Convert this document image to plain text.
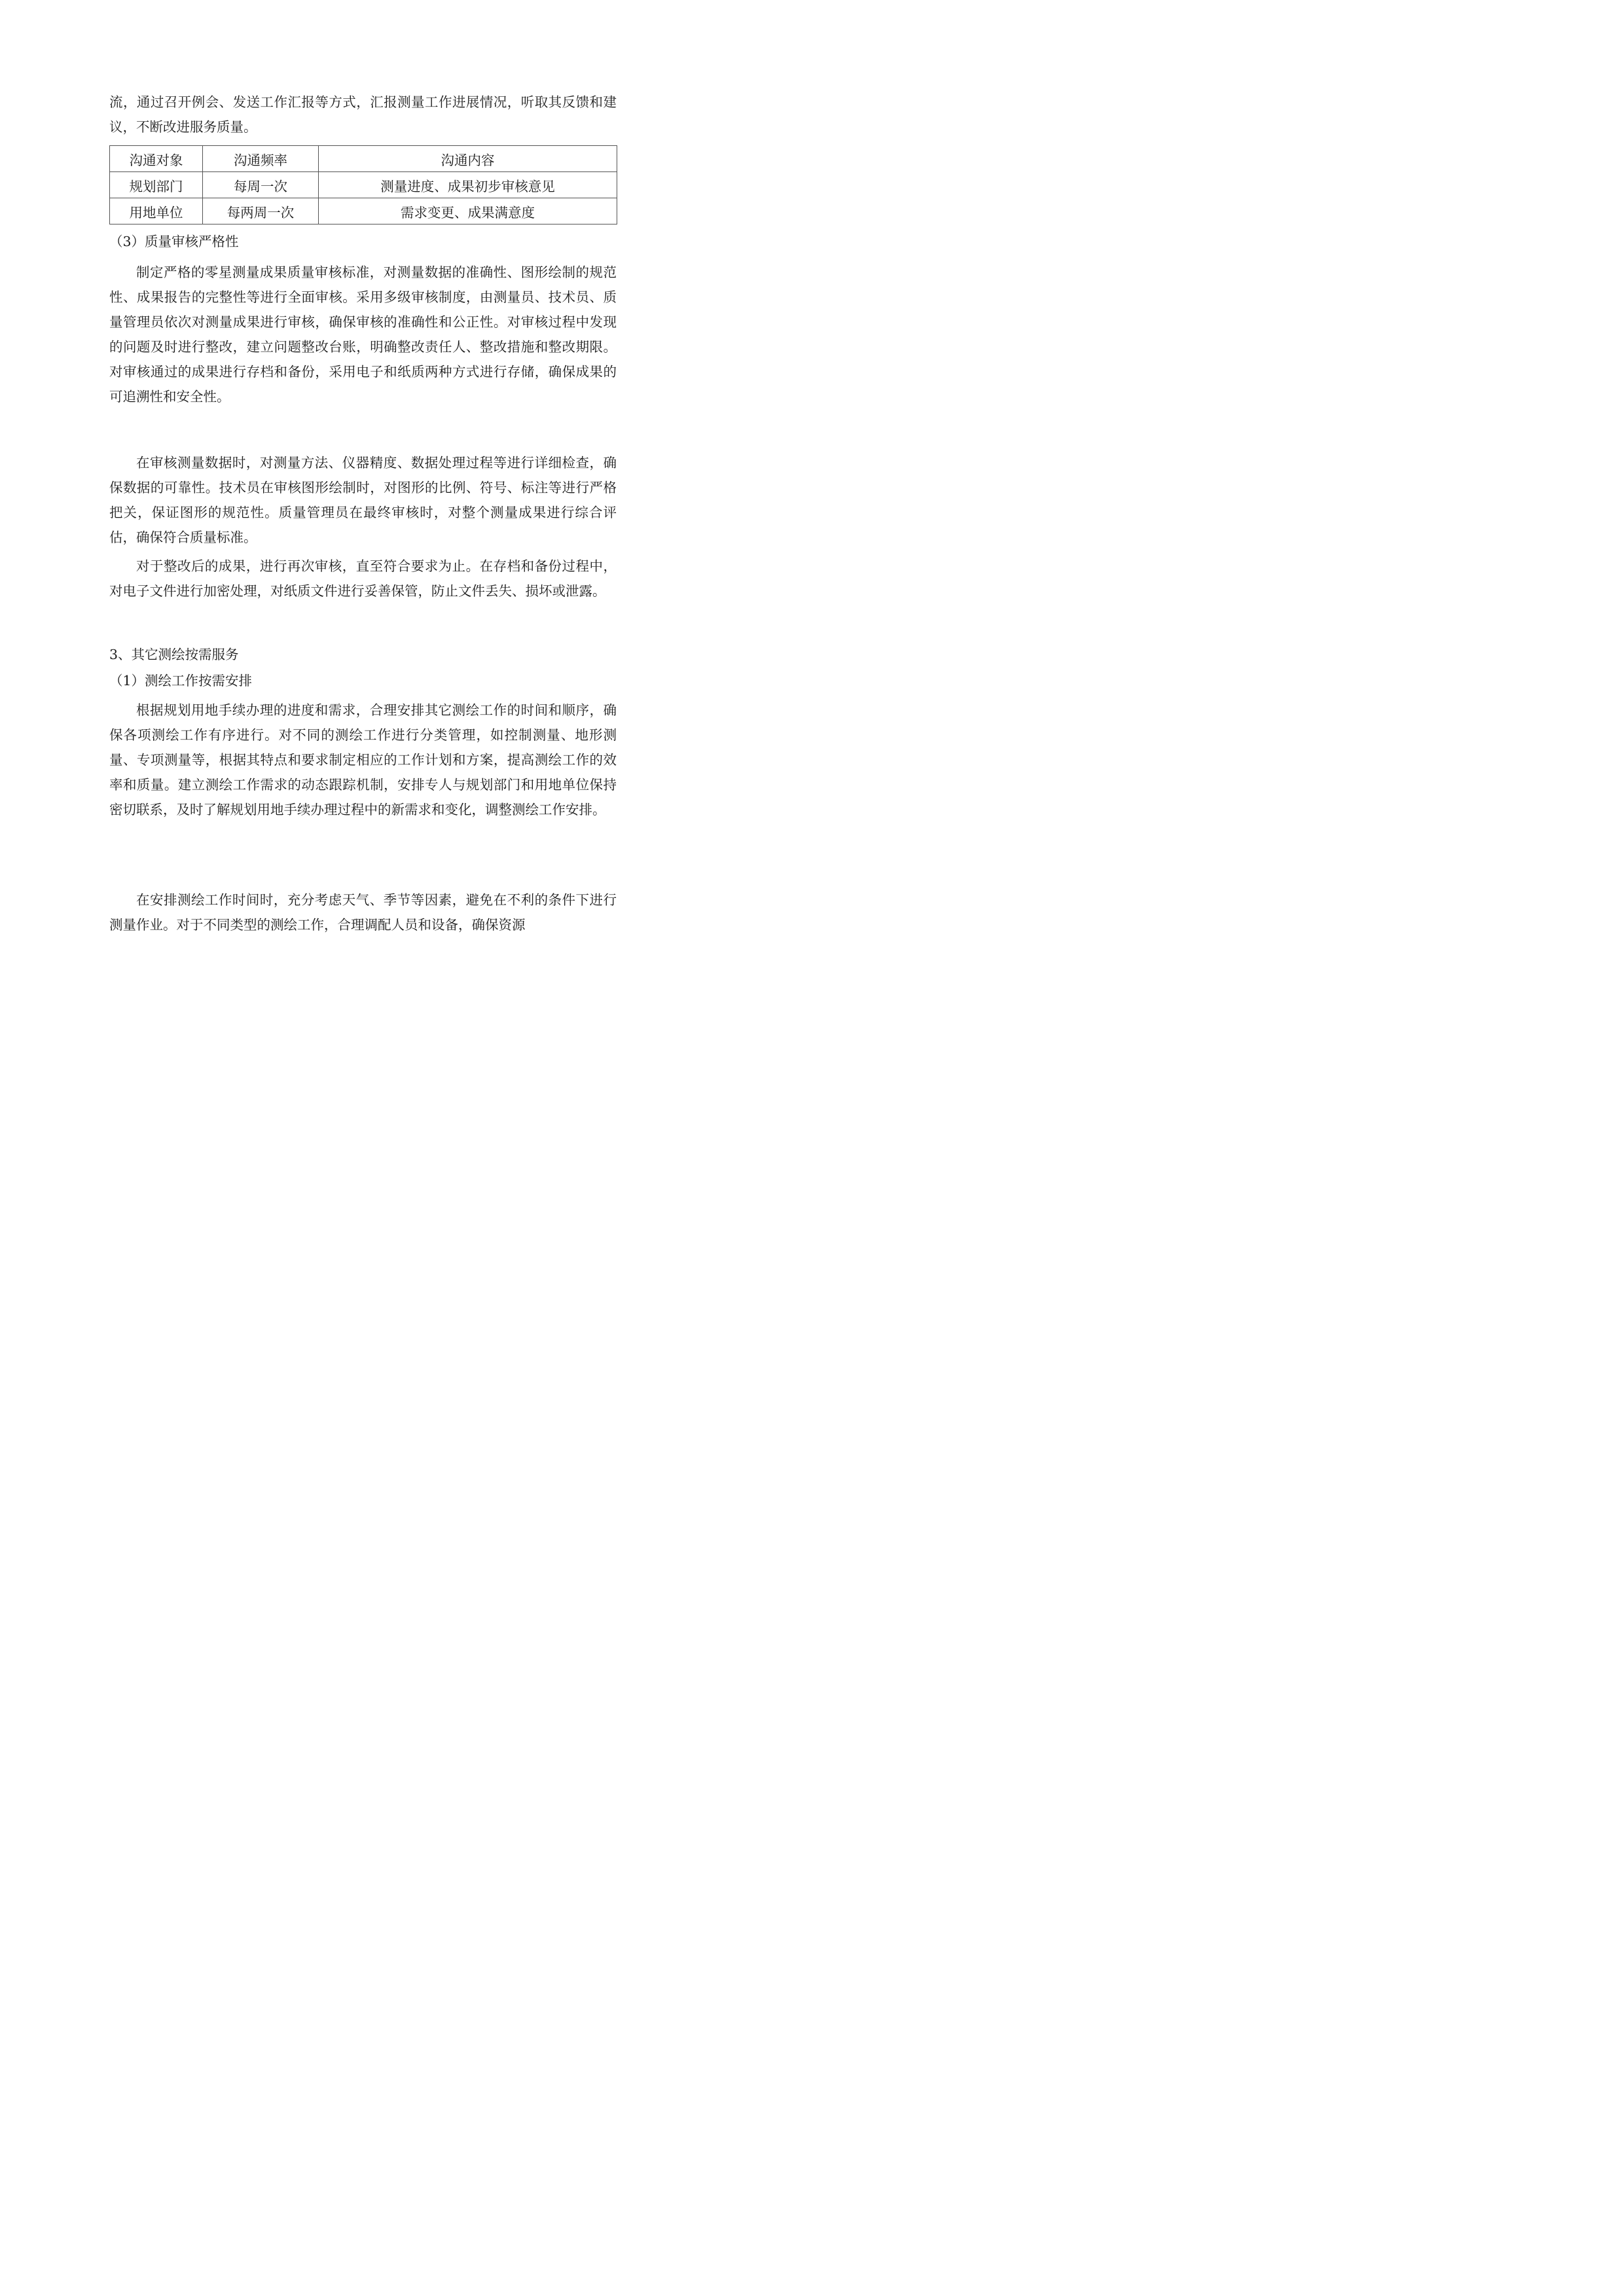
流，通过召开例会、发送工作汇报等方式，汇报测量工作进展情况，听取其反馈和建议，不断改进服务质量。

沟通对象	沟通频率	沟通内容
规划部门	每周一次	测量进度、成果初步审核意见
用地单位	每两周一次	需求变更、成果满意度

（3）质量审核严格性

制定严格的零星测量成果质量审核标准，对测量数据的准确性、图形绘制的规范性、成果报告的完整性等进行全面审核。采用多级审核制度，由测量员、技术员、质量管理员依次对测量成果进行审核，确保审核的准确性和公正性。对审核过程中发现的问题及时进行整改，建立问题整改台账，明确整改责任人、整改措施和整改期限。对审核通过的成果进行存档和备份，采用电子和纸质两种方式进行存储，确保成果的可追溯性和安全性。

在审核测量数据时，对测量方法、仪器精度、数据处理过程等进行详细检查，确保数据的可靠性。技术员在审核图形绘制时，对图形的比例、符号、标注等进行严格把关，保证图形的规范性。质量管理员在最终审核时，对整个测量成果进行综合评估，确保符合质量标准。

对于整改后的成果，进行再次审核，直至符合要求为止。在存档和备份过程中，对电子文件进行加密处理，对纸质文件进行妥善保管，防止文件丢失、损坏或泄露。

3、其它测绘按需服务

（1）测绘工作按需安排

根据规划用地手续办理的进度和需求，合理安排其它测绘工作的时间和顺序，确保各项测绘工作有序进行。对不同的测绘工作进行分类管理，如控制测量、地形测量、专项测量等，根据其特点和要求制定相应的工作计划和方案，提高测绘工作的效率和质量。建立测绘工作需求的动态跟踪机制，安排专人与规划部门和用地单位保持密切联系，及时了解规划用地手续办理过程中的新需求和变化，调整测绘工作安排。

在安排测绘工作时间时，充分考虑天气、季节等因素，避免在不利的条件下进行测量作业。对于不同类型的测绘工作，合理调配人员和设备，确保资源
